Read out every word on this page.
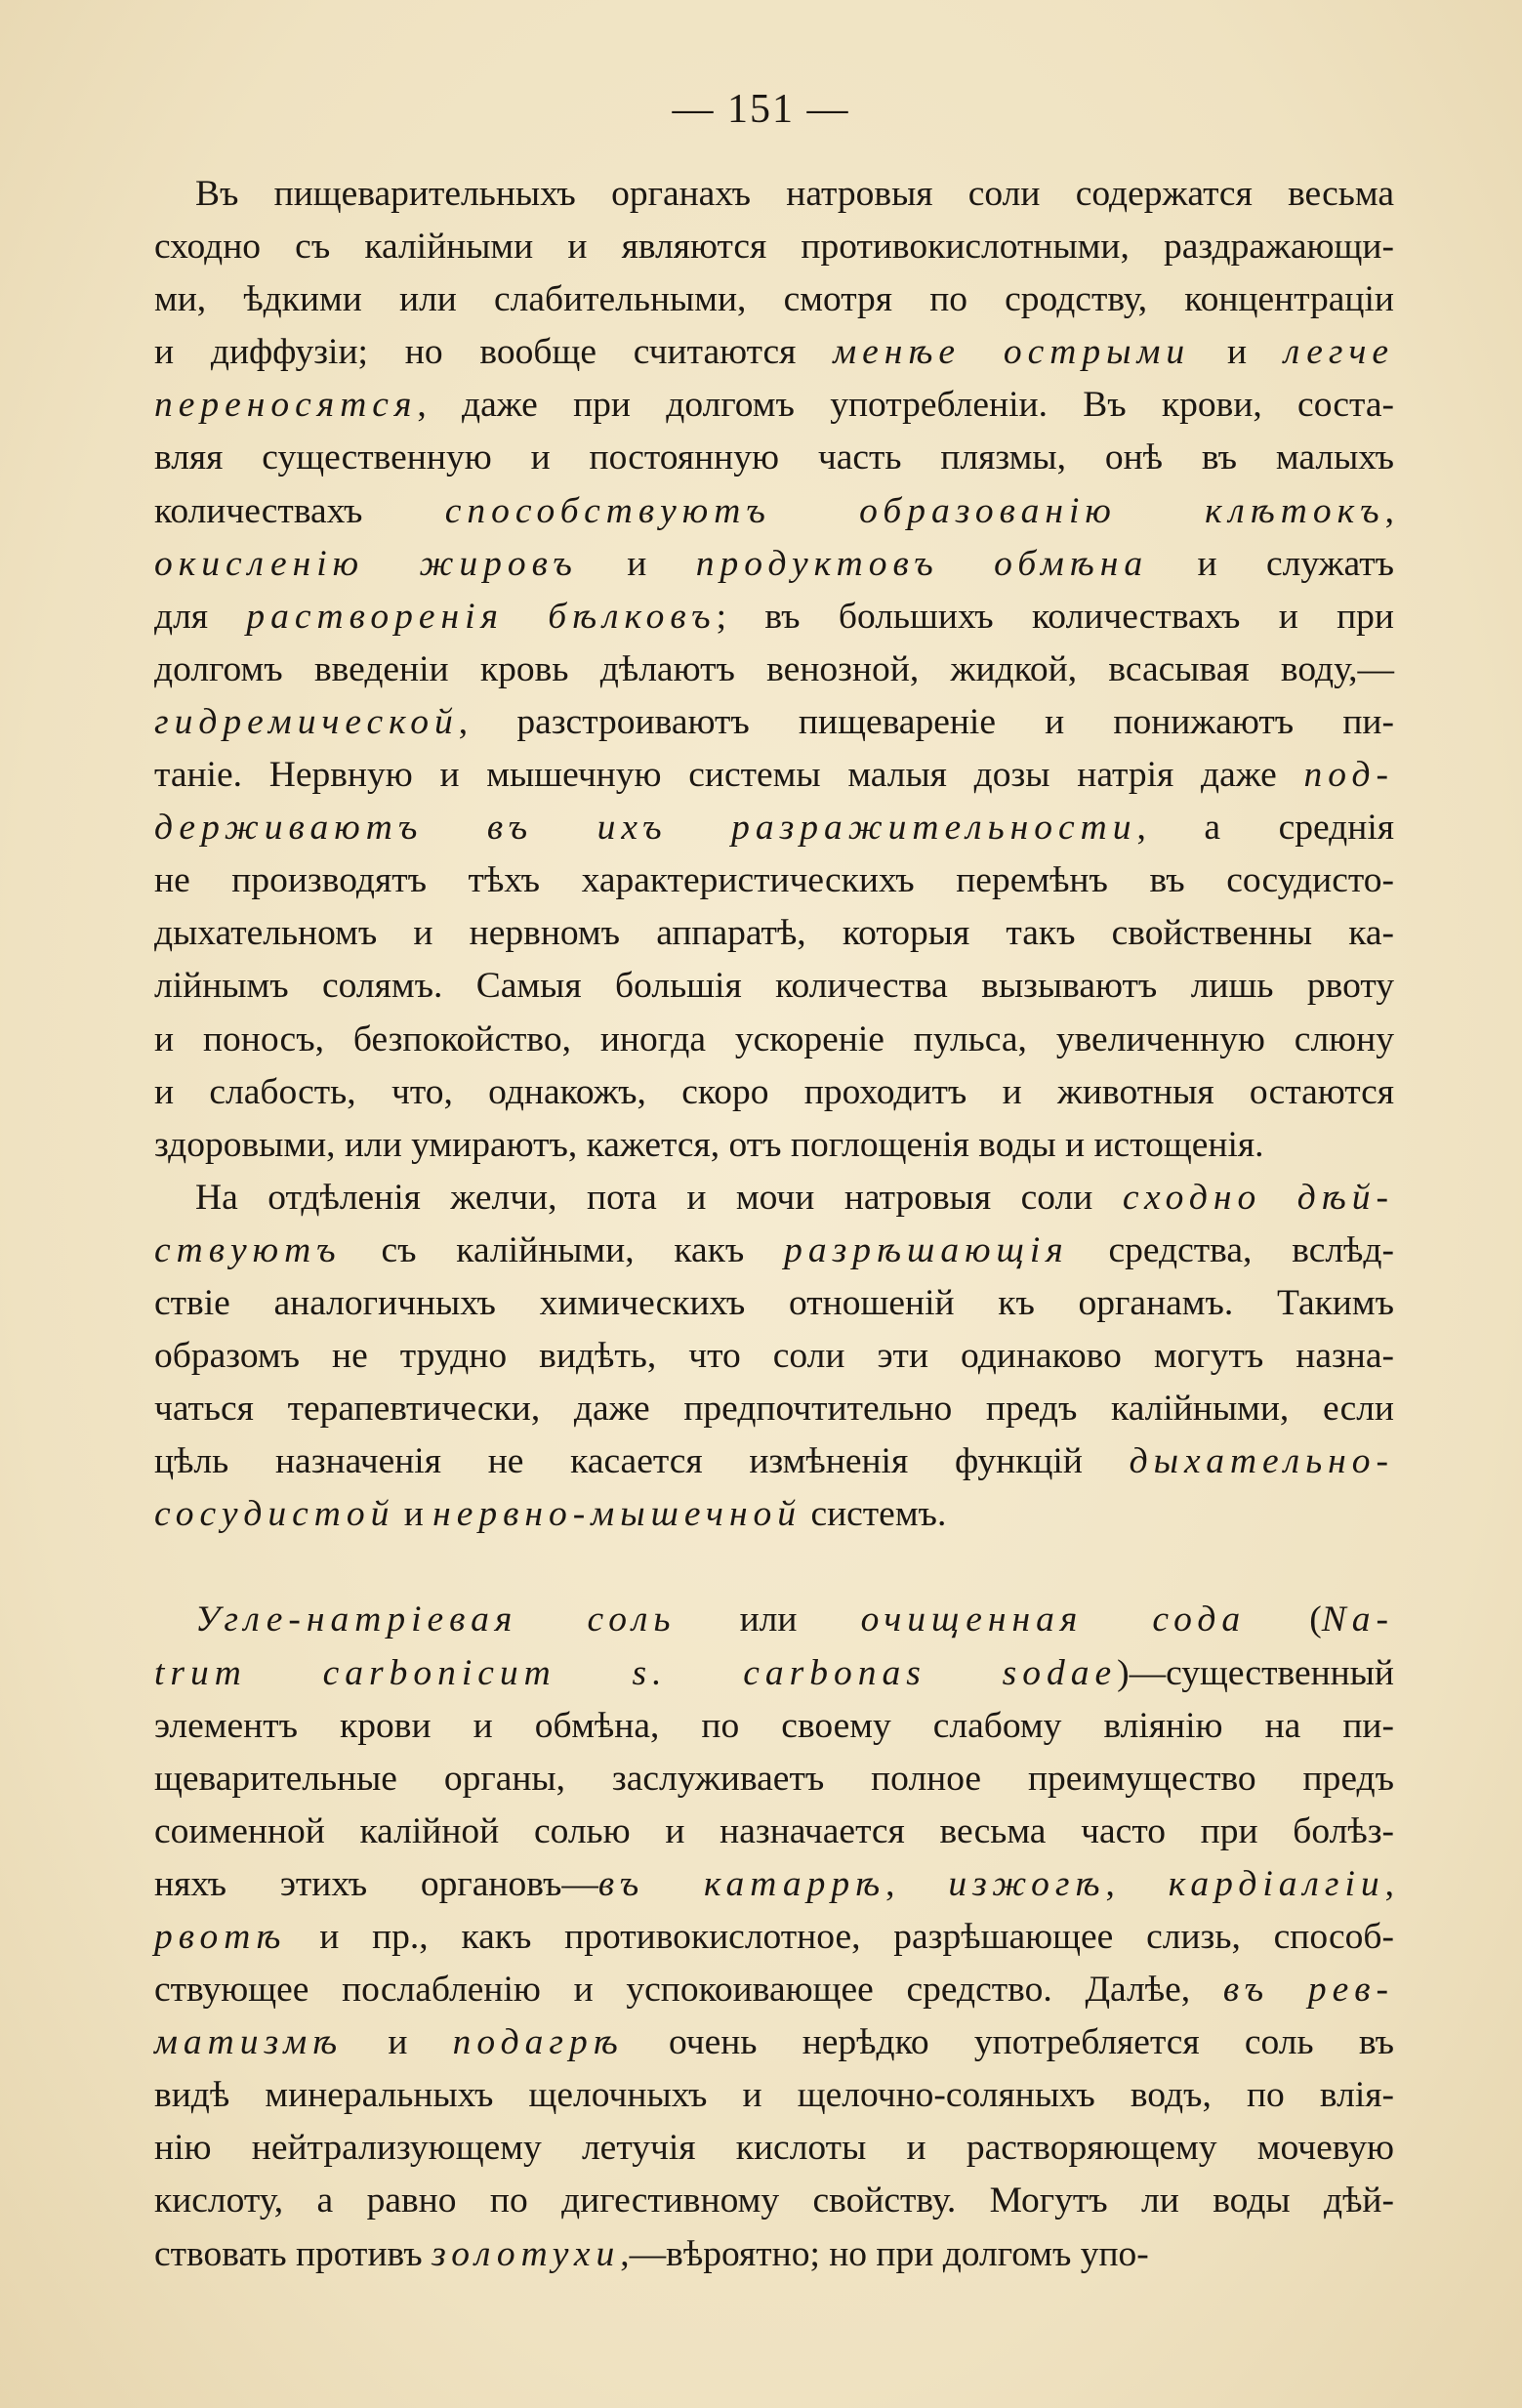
— 151 —
Въ пищеварительныхъ органахъ натровыя соли содержатся весьма
сходно съ калійными и являются противокислотными, раздражающи-
ми, ѣдкими или слабительными, смотря по сродству, концентраціи
и диффузіи; но вообще считаются менѣе острыми и легче
переносятся, даже при долгомъ употребленіи. Въ крови, соста-
вляя существенную и постоянную часть плязмы, онѣ въ малыхъ
количествахъ способствуютъ образованію клѣтокъ,
окисленію жировъ и продуктовъ обмѣна и служатъ
для растворенія бѣлковъ; въ большихъ количествахъ и при
долгомъ введеніи кровь дѣлаютъ венозной, жидкой, всасывая воду,—
гидремической, разстроиваютъ пищевареніе и понижаютъ пи-
таніе. Нервную и мышечную системы малыя дозы натрія даже под-
держиваютъ въ ихъ разражительности, а среднія
не производятъ тѣхъ характеристическихъ перемѣнъ въ сосудисто-
дыхательномъ и нервномъ аппаратѣ, которыя такъ свойственны ка-
лійнымъ солямъ. Самыя большія количества вызываютъ лишь рвоту
и поносъ, безпокойство, иногда ускореніе пульса, увеличенную слюну
и слабость, что, однакожъ, скоро проходитъ и животныя остаются
здоровыми, или умираютъ, кажется, отъ поглощенія воды и истощенія.
На отдѣленія желчи, пота и мочи натровыя соли сходно дѣй-
ствуютъ съ калійными, какъ разрѣшающія средства, вслѣд-
ствіе аналогичныхъ химическихъ отношеній къ органамъ. Такимъ
образомъ не трудно видѣть, что соли эти одинаково могутъ назна-
чаться терапевтически, даже предпочтительно предъ калійными, если
цѣль назначенія не касается измѣненія функцій дыхательно-
сосудистой и нервно-мышечной системъ.
Угле-натріевая соль или очищенная сода (Na-
trum carbonicum s. carbonas sodae)—существенный
элементъ крови и обмѣна, по своему слабому вліянію на пи-
щеварительные органы, заслуживаетъ полное преимущество предъ
соименной калійной солью и назначается весьма часто при болѣз-
няхъ этихъ органовъ—въ катаррѣ, изжогѣ, кардіалгіи,
рвотѣ и пр., какъ противокислотное, разрѣшающее слизь, способ-
ствующее послабленію и успокоивающее средство. Далѣе, въ рев-
матизмѣ и подагрѣ очень нерѣдко употребляется соль въ
видѣ минеральныхъ щелочныхъ и щелочно-соляныхъ водъ, по влія-
нію нейтрализующему летучія кислоты и растворяющему мочевую
кислоту, а равно по дигестивному свойству. Могутъ ли воды дѣй-
ствовать противъ золотухи,—вѣроятно; но при долгомъ упо-
